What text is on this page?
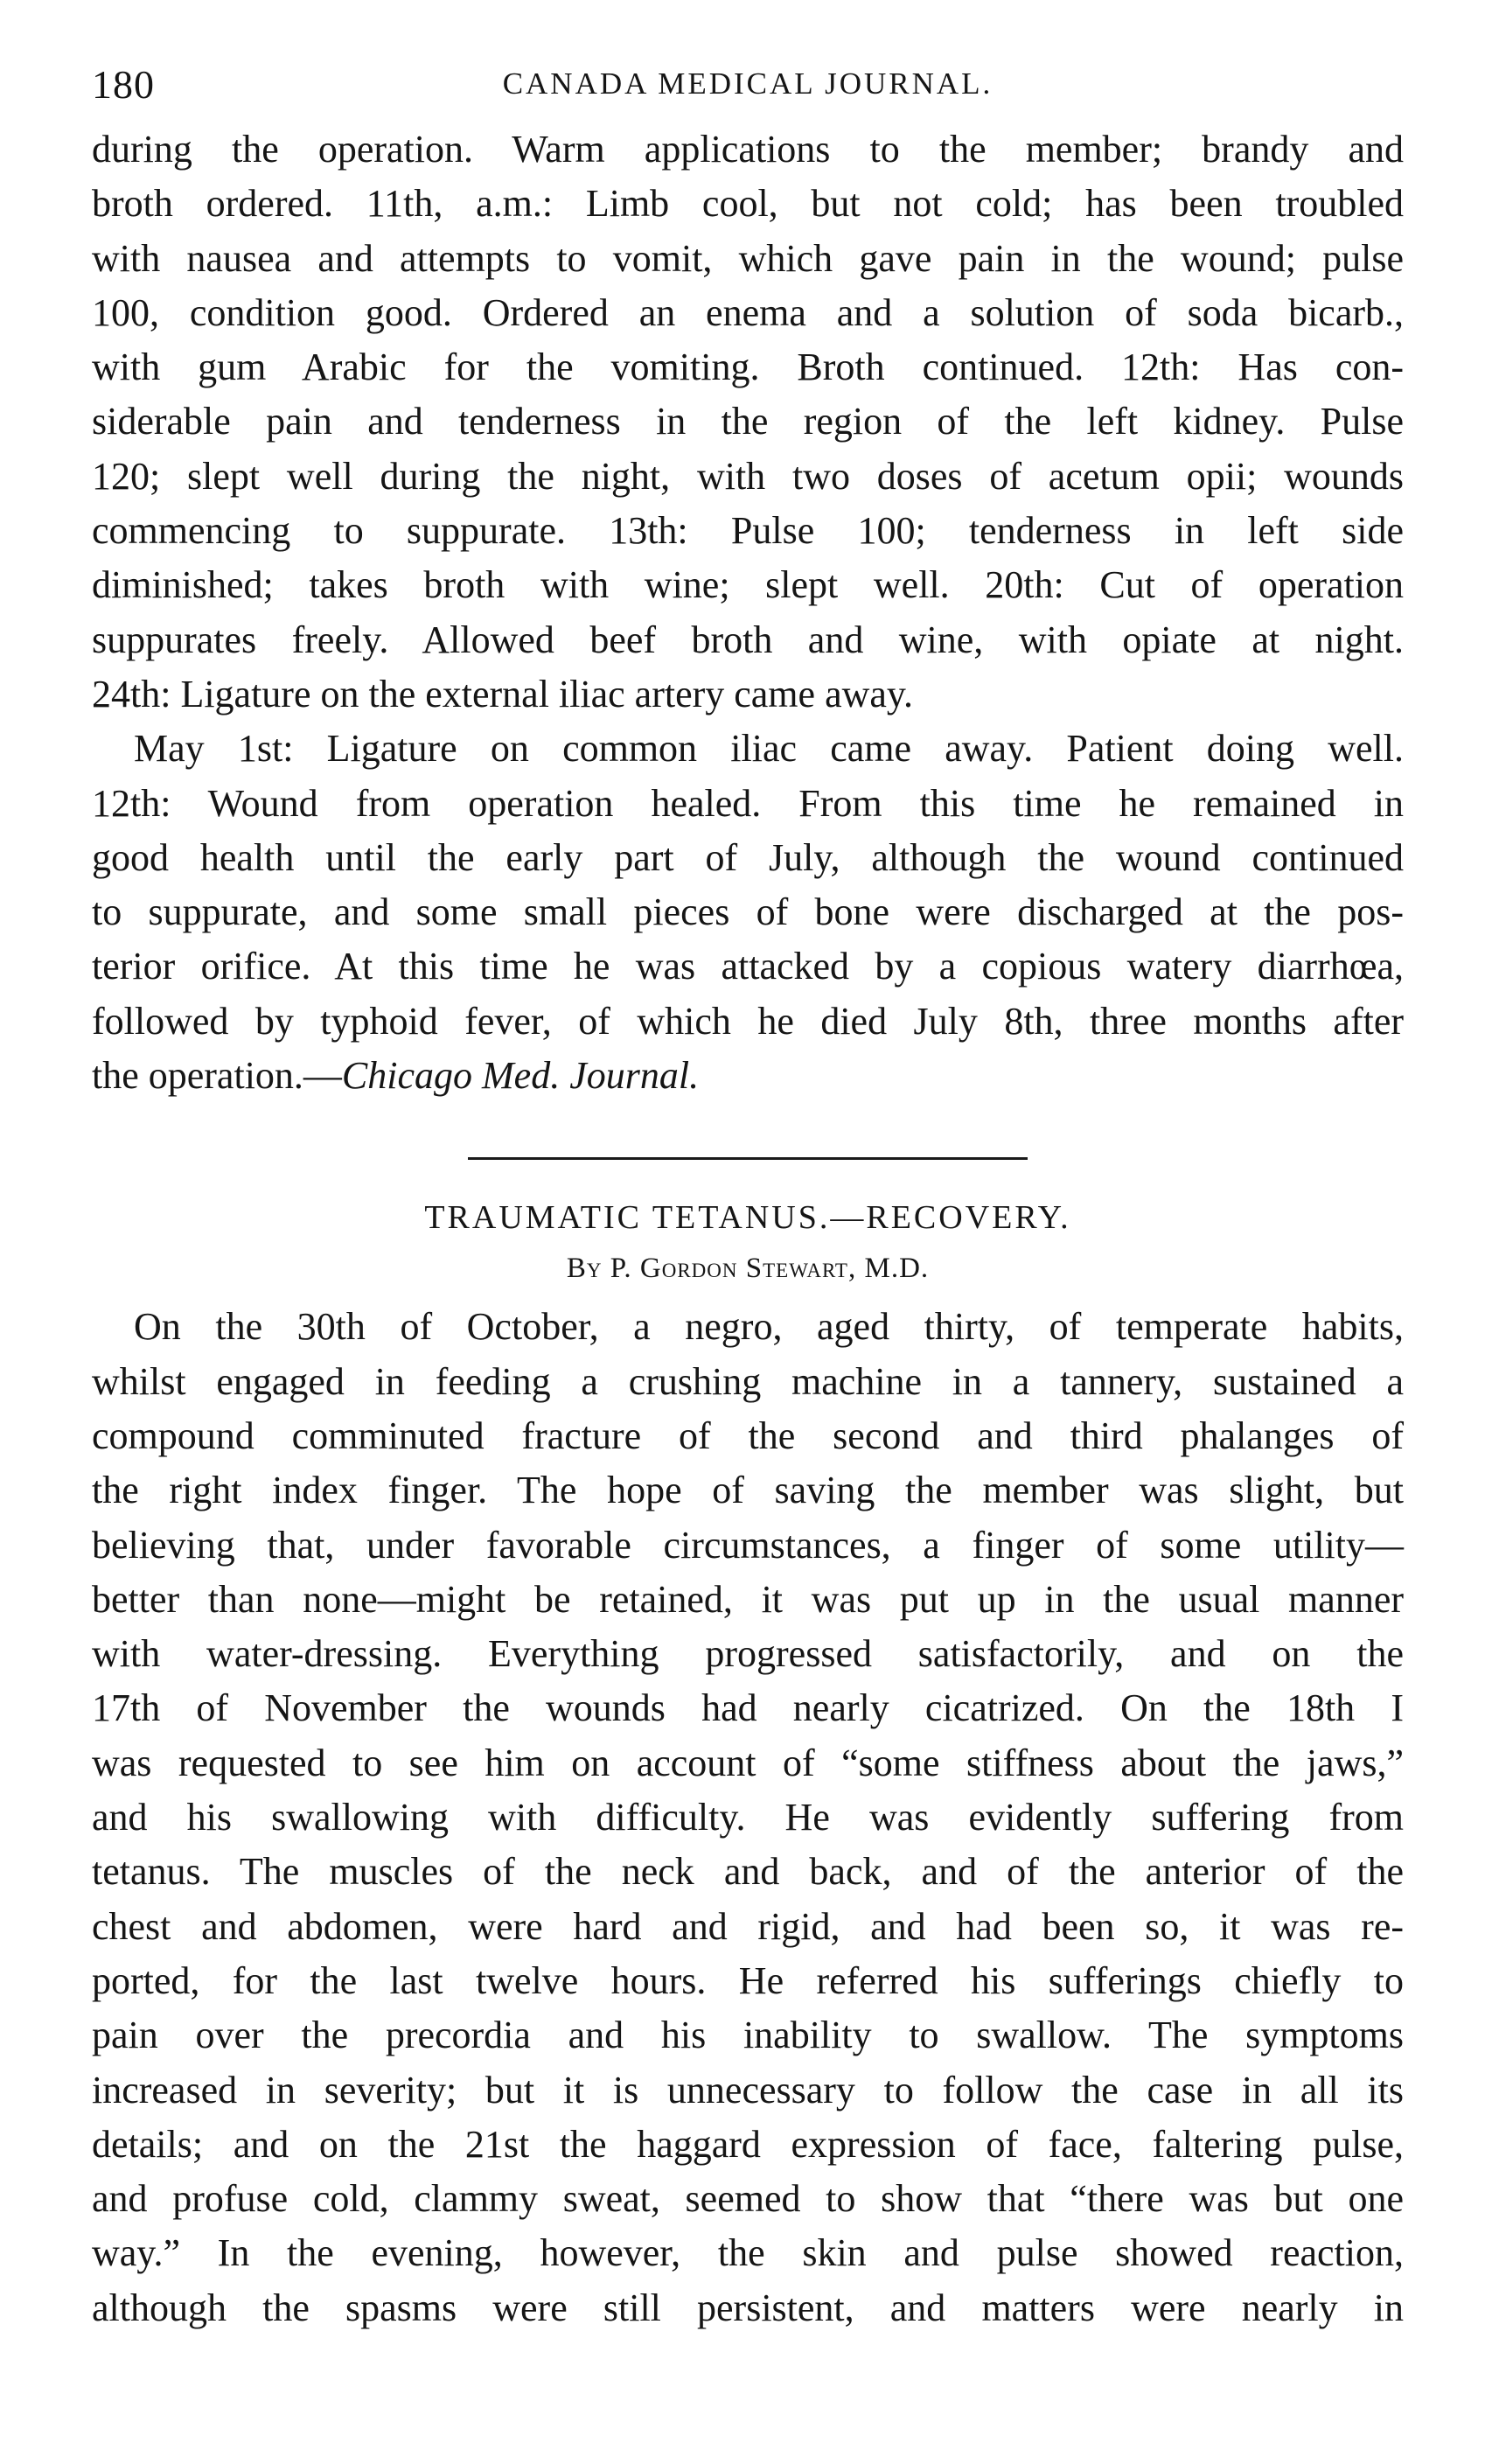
180	CANADA MEDICAL JOURNAL.
during the operation. Warm applications to the member; brandy and
broth ordered. 11th, a.m.: Limb cool, but not cold; has been troubled
with nausea and attempts to vomit, which gave pain in the wound; pulse
100, condition good. Ordered an enema and a solution of soda bicarb.,
with gum Arabic for the vomiting. Broth continued. 12th: Has con-
siderable pain and tenderness in the region of the left kidney. Pulse
120; slept well during the night, with two doses of acetum opii; wounds
commencing to suppurate. 13th: Pulse 100; tenderness in left side
diminished; takes broth with wine; slept well. 20th: Cut of operation
suppurates freely. Allowed beef broth and wine, with opiate at night.
24th: Ligature on the external iliac artery came away.
May 1st: Ligature on common iliac came away. Patient doing well.
12th: Wound from operation healed. From this time he remained in
good health until the early part of July, although the wound continued
to suppurate, and some small pieces of bone were discharged at the pos-
terior orifice. At this time he was attacked by a copious watery diarrhœa,
followed by typhoid fever, of which he died July 8th, three months after
the operation.—Chicago Med. Journal.
TRAUMATIC TETANUS.—RECOVERY.
By P. Gordon Stewart, M.D.
On the 30th of October, a negro, aged thirty, of temperate habits,
whilst engaged in feeding a crushing machine in a tannery, sustained a
compound comminuted fracture of the second and third phalanges of
the right index finger. The hope of saving the member was slight, but
believing that, under favorable circumstances, a finger of some utility—
better than none—might be retained, it was put up in the usual manner
with water-dressing. Everything progressed satisfactorily, and on the
17th of November the wounds had nearly cicatrized. On the 18th I
was requested to see him on account of “some stiffness about the jaws,”
and his swallowing with difficulty. He was evidently suffering from
tetanus. The muscles of the neck and back, and of the anterior of the
chest and abdomen, were hard and rigid, and had been so, it was re-
ported, for the last twelve hours. He referred his sufferings chiefly to
pain over the precordia and his inability to swallow. The symptoms
increased in severity; but it is unnecessary to follow the case in all its
details; and on the 21st the haggard expression of face, faltering pulse,
and profuse cold, clammy sweat, seemed to show that “there was but one
way.” In the evening, however, the skin and pulse showed reaction,
although the spasms were still persistent, and matters were nearly in
